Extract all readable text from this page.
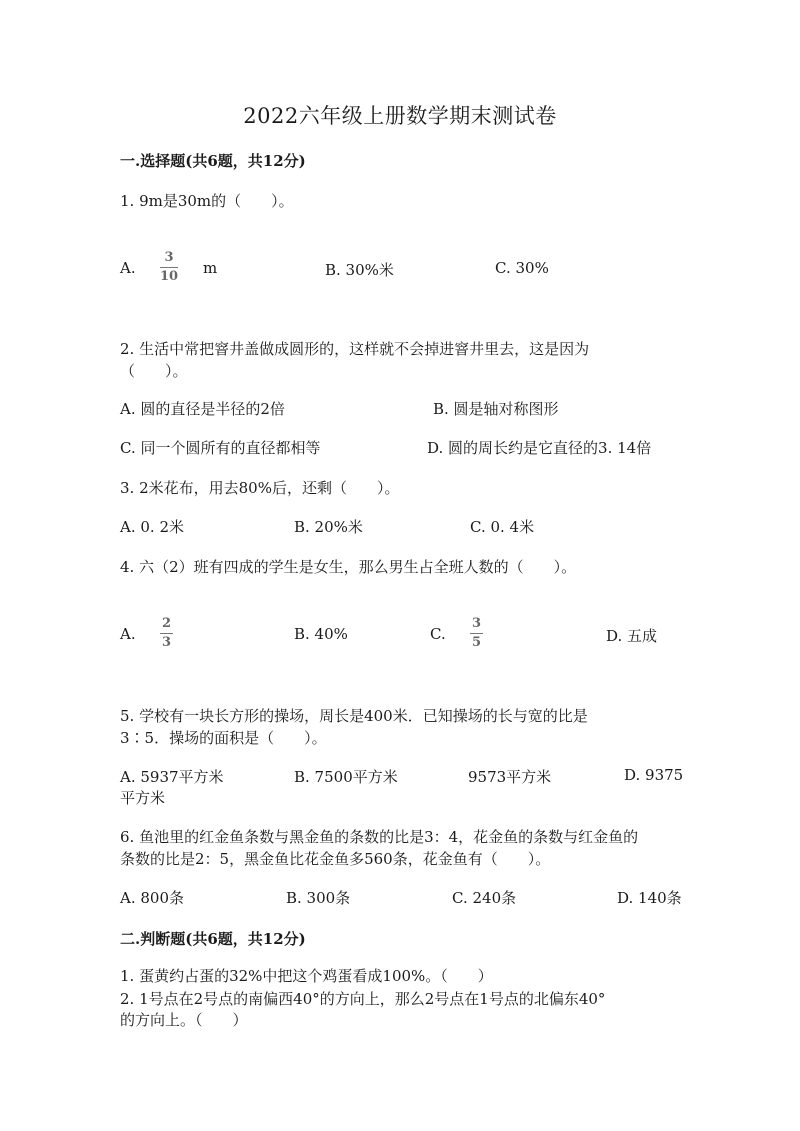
2022六年级上册数学期末测试卷
一.选择题(共6题，共12分)
1. 9m是30m的（　　）。
A.
3
10 m	B. 30%米	C. 30%
2. 生活中常把窨井盖做成圆形的，这样就不会掉进窨井里去，这是因为
（　　）。
A. 圆的直径是半径的2倍	B. 圆是轴对称图形
C. 同一个圆所有的直径都相等	D. 圆的周长约是它直径的3. 14倍
3. 2米花布，用去80%后，还剩（　　）。
A. 0. 2米	B. 20%米	C. 0. 4米
4. 六（2）班有四成的学生是女生，那么男生占全班人数的（　　）。
A.
2
3	B. 40%	C.
3
5	D. 五成
5. 学校有一块长方形的操场，周长是400米．已知操场的长与宽的比是
3∶5．操场的面积是（　　）。
A. 5937平方米	B. 7500平方米	9573平方米	D. 9375
平方米
6. 鱼池里的红金鱼条数与黑金鱼的条数的比是3：4，花金鱼的条数与红金鱼的
条数的比是2：5，黑金鱼比花金鱼多560条，花金鱼有（　　）。
A. 800条	B. 300条	C. 240条	D. 140条
二.判断题(共6题，共12分)
1. 蛋黄约占蛋的32%中把这个鸡蛋看成100%。（　　）
2. 1号点在2号点的南偏西40°的方向上，那么2号点在1号点的北偏东40°
的方向上。（　　）
